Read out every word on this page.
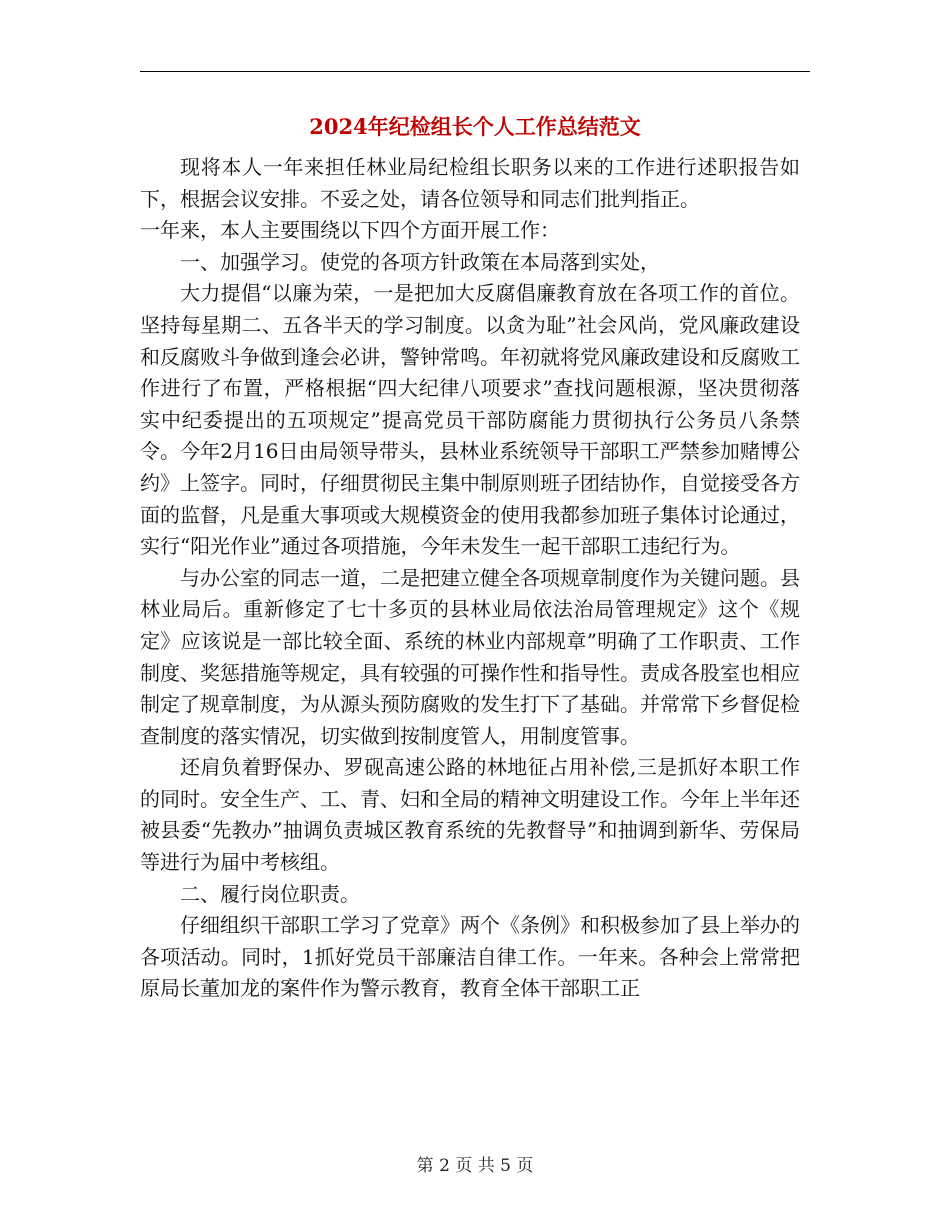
2024年纪检组长个人工作总结范文

现将本人一年来担任林业局纪检组长职务以来的工作进行述职报告如下，根据会议安排。不妥之处，请各位领导和同志们批判指正。

一年来，本人主要围绕以下四个方面开展工作：

一、加强学习。使党的各项方针政策在本局落到实处，

大力提倡“以廉为荣，一是把加大反腐倡廉教育放在各项工作的首位。坚持每星期二、五各半天的学习制度。以贪为耻”社会风尚，党风廉政建设和反腐败斗争做到逢会必讲，警钟常鸣。年初就将党风廉政建设和反腐败工作进行了布置，严格根据“四大纪律八项要求”查找问题根源，坚决贯彻落实中纪委提出的五项规定”提高党员干部防腐能力贯彻执行公务员八条禁令。今年2月16日由局领导带头，县林业系统领导干部职工严禁参加赌博公约》上签字。同时，仔细贯彻民主集中制原则班子团结协作，自觉接受各方面的监督，凡是重大事项或大规模资金的使用我都参加班子集体讨论通过，实行“阳光作业”通过各项措施，今年未发生一起干部职工违纪行为。

与办公室的同志一道，二是把建立健全各项规章制度作为关键问题。县林业局后。重新修定了七十多页的县林业局依法治局管理规定》这个《规定》应该说是一部比较全面、系统的林业内部规章”明确了工作职责、工作制度、奖惩措施等规定，具有较强的可操作性和指导性。责成各股室也相应制定了规章制度，为从源头预防腐败的发生打下了基础。并常常下乡督促检查制度的落实情况，切实做到按制度管人，用制度管事。

还肩负着野保办、罗砚高速公路的林地征占用补偿,三是抓好本职工作的同时。安全生产、工、青、妇和全局的精神文明建设工作。今年上半年还被县委“先教办”抽调负责城区教育系统的先教督导”和抽调到新华、劳保局等进行为届中考核组。

二、履行岗位职责。

仔细组织干部职工学习了党章》两个《条例》和积极参加了县上举办的各项活动。同时，1抓好党员干部廉洁自律工作。一年来。各种会上常常把原局长董加龙的案件作为警示教育，教育全体干部职工正

第 2 页 共 5 页
